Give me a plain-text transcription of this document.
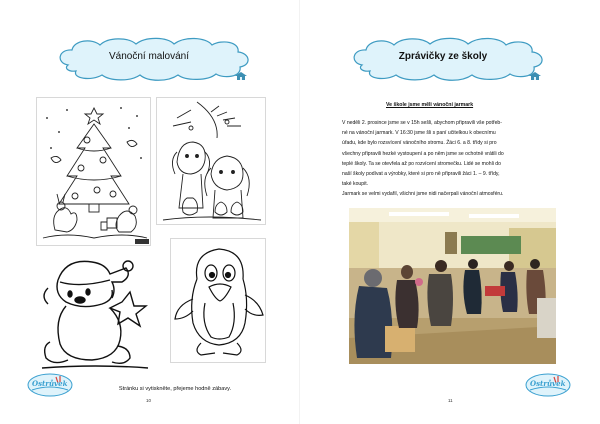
Vánoční malování
Ostrůvek
Stránku si vytiskněte, přejeme hodně zábavy.
10
Zprávičky ze školy
Ve škole jsme měli vánoční jarmark
V neděli 2. prosince jsme se v 15h sešli, abychom připravili vše potřeb-
né na vánoční jarmark. V 16:30 jsme šli s paní učitelkou k obecnímu
úřadu, kde bylo rozsvícení vánočního stromu. Žáci 6. a 8. třídy si pro
všechny připravili hezké vystoupení a po něm jsme se ochotně vrátili do
teplé školy. Ta se otevřela až po rozvícení stromečku. Lidé se mohli do
naší školy podívat a výrobky, které si pro ně připravili žáci 1. – 9. třídy,
také koupit.
Jarmark se velmi vydařil, všichni jsme nidi načerpali vánoční atmosféru.
Ostrůvek
11
